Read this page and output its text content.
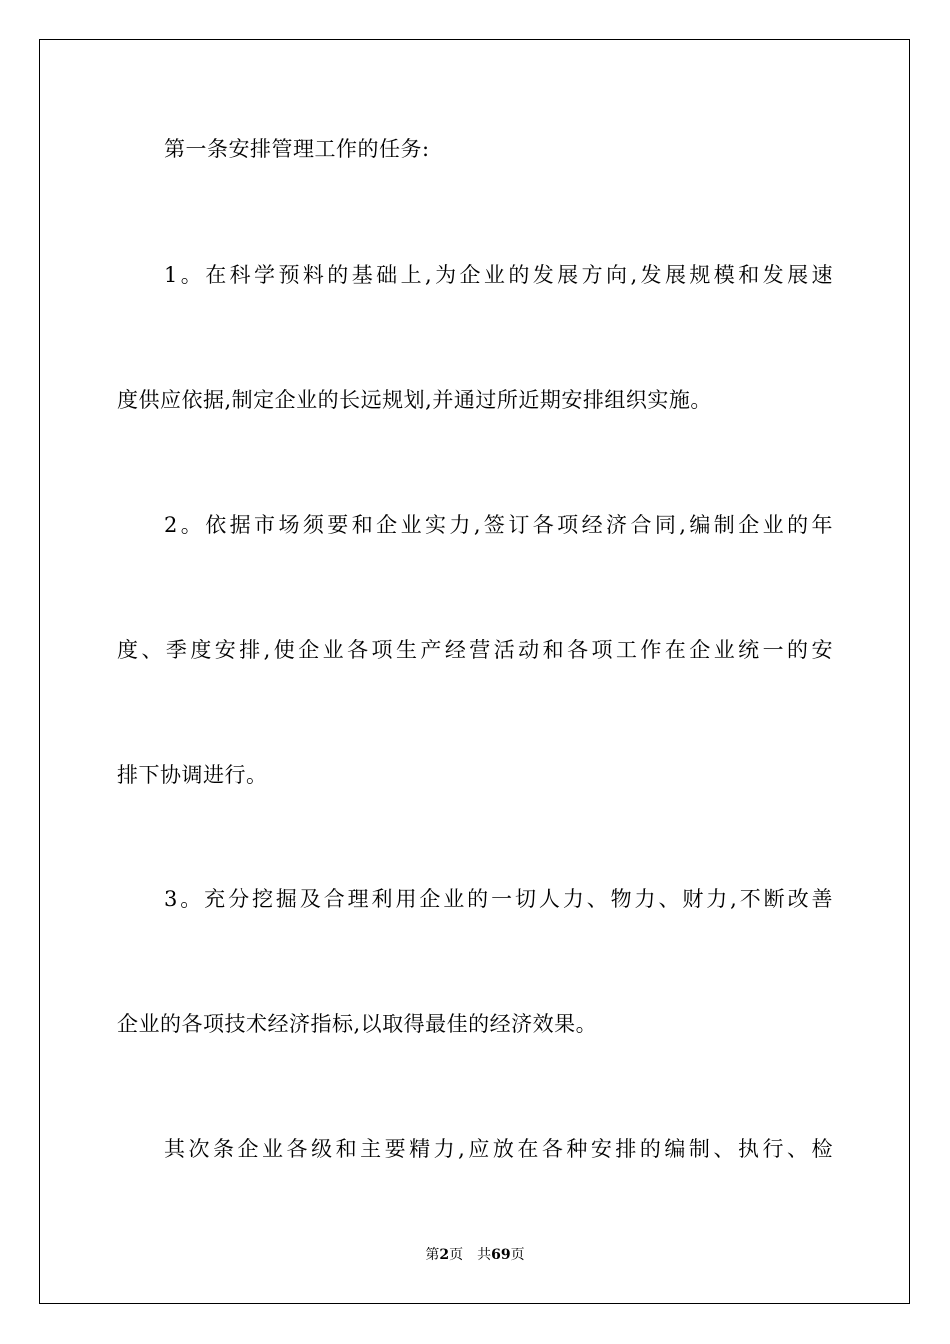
第一条安排管理工作的任务:
1。在科学预料的基础上,为企业的发展方向,发展规模和发展速
度供应依据,制定企业的长远规划,并通过所近期安排组织实施。
2。依据市场须要和企业实力,签订各项经济合同,编制企业的年
度、季度安排,使企业各项生产经营活动和各项工作在企业统一的安
排下协调进行。
3。充分挖掘及合理利用企业的一切人力、物力、财力,不断改善
企业的各项技术经济指标,以取得最佳的经济效果。
其次条企业各级和主要精力,应放在各种安排的编制、执行、检
第2页 共69页
